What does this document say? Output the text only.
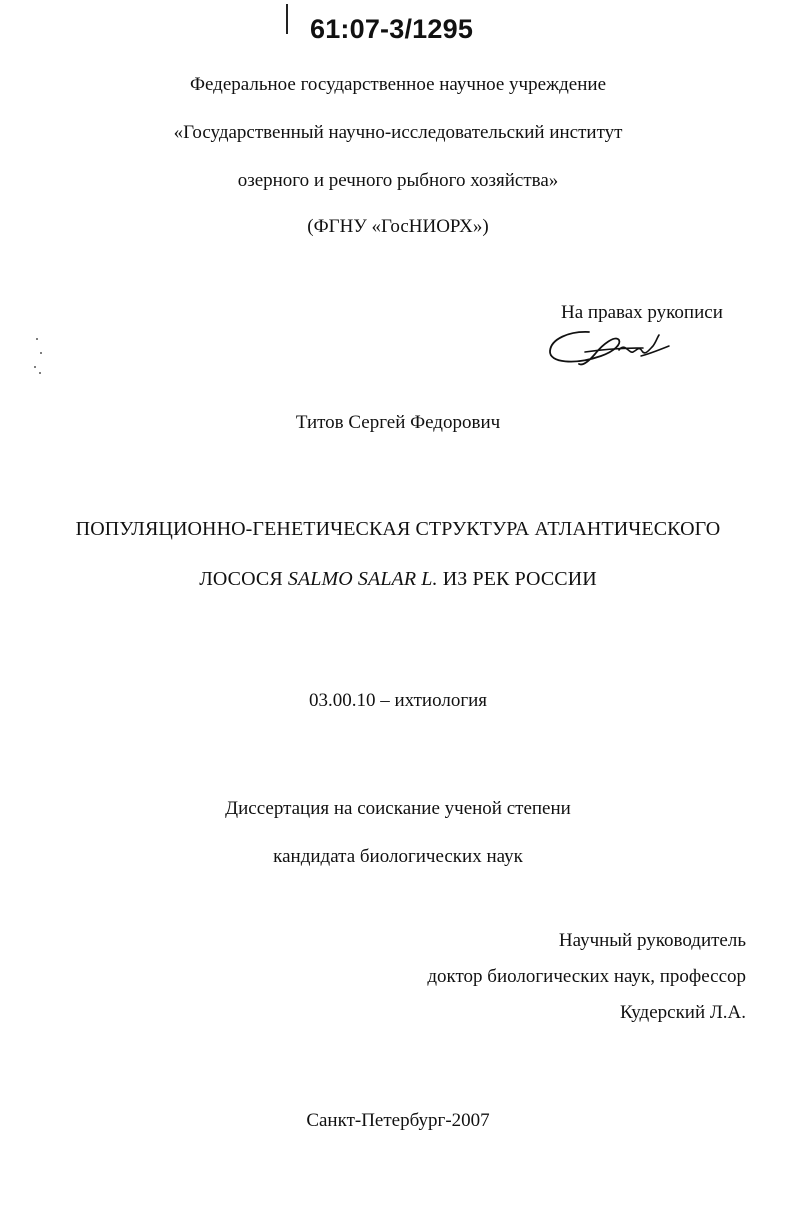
61:07-3/1295
Федеральное государственное научное учреждение
«Государственный научно-исследовательский институт
озерного и речного рыбного хозяйства»
(ФГНУ «ГосНИОРХ»)
На правах рукописи
Титов Сергей Федорович
ПОПУЛЯЦИОННО-ГЕНЕТИЧЕСКАЯ СТРУКТУРА АТЛАНТИЧЕСКОГО
ЛОСОСЯ SALMO SALAR L. ИЗ РЕК РОССИИ
03.00.10 – ихтиология
Диссертация на соискание ученой степени
кандидата биологических наук
Научный руководитель
доктор биологических наук, профессор
Кудерский Л.А.
Санкт-Петербург-2007
